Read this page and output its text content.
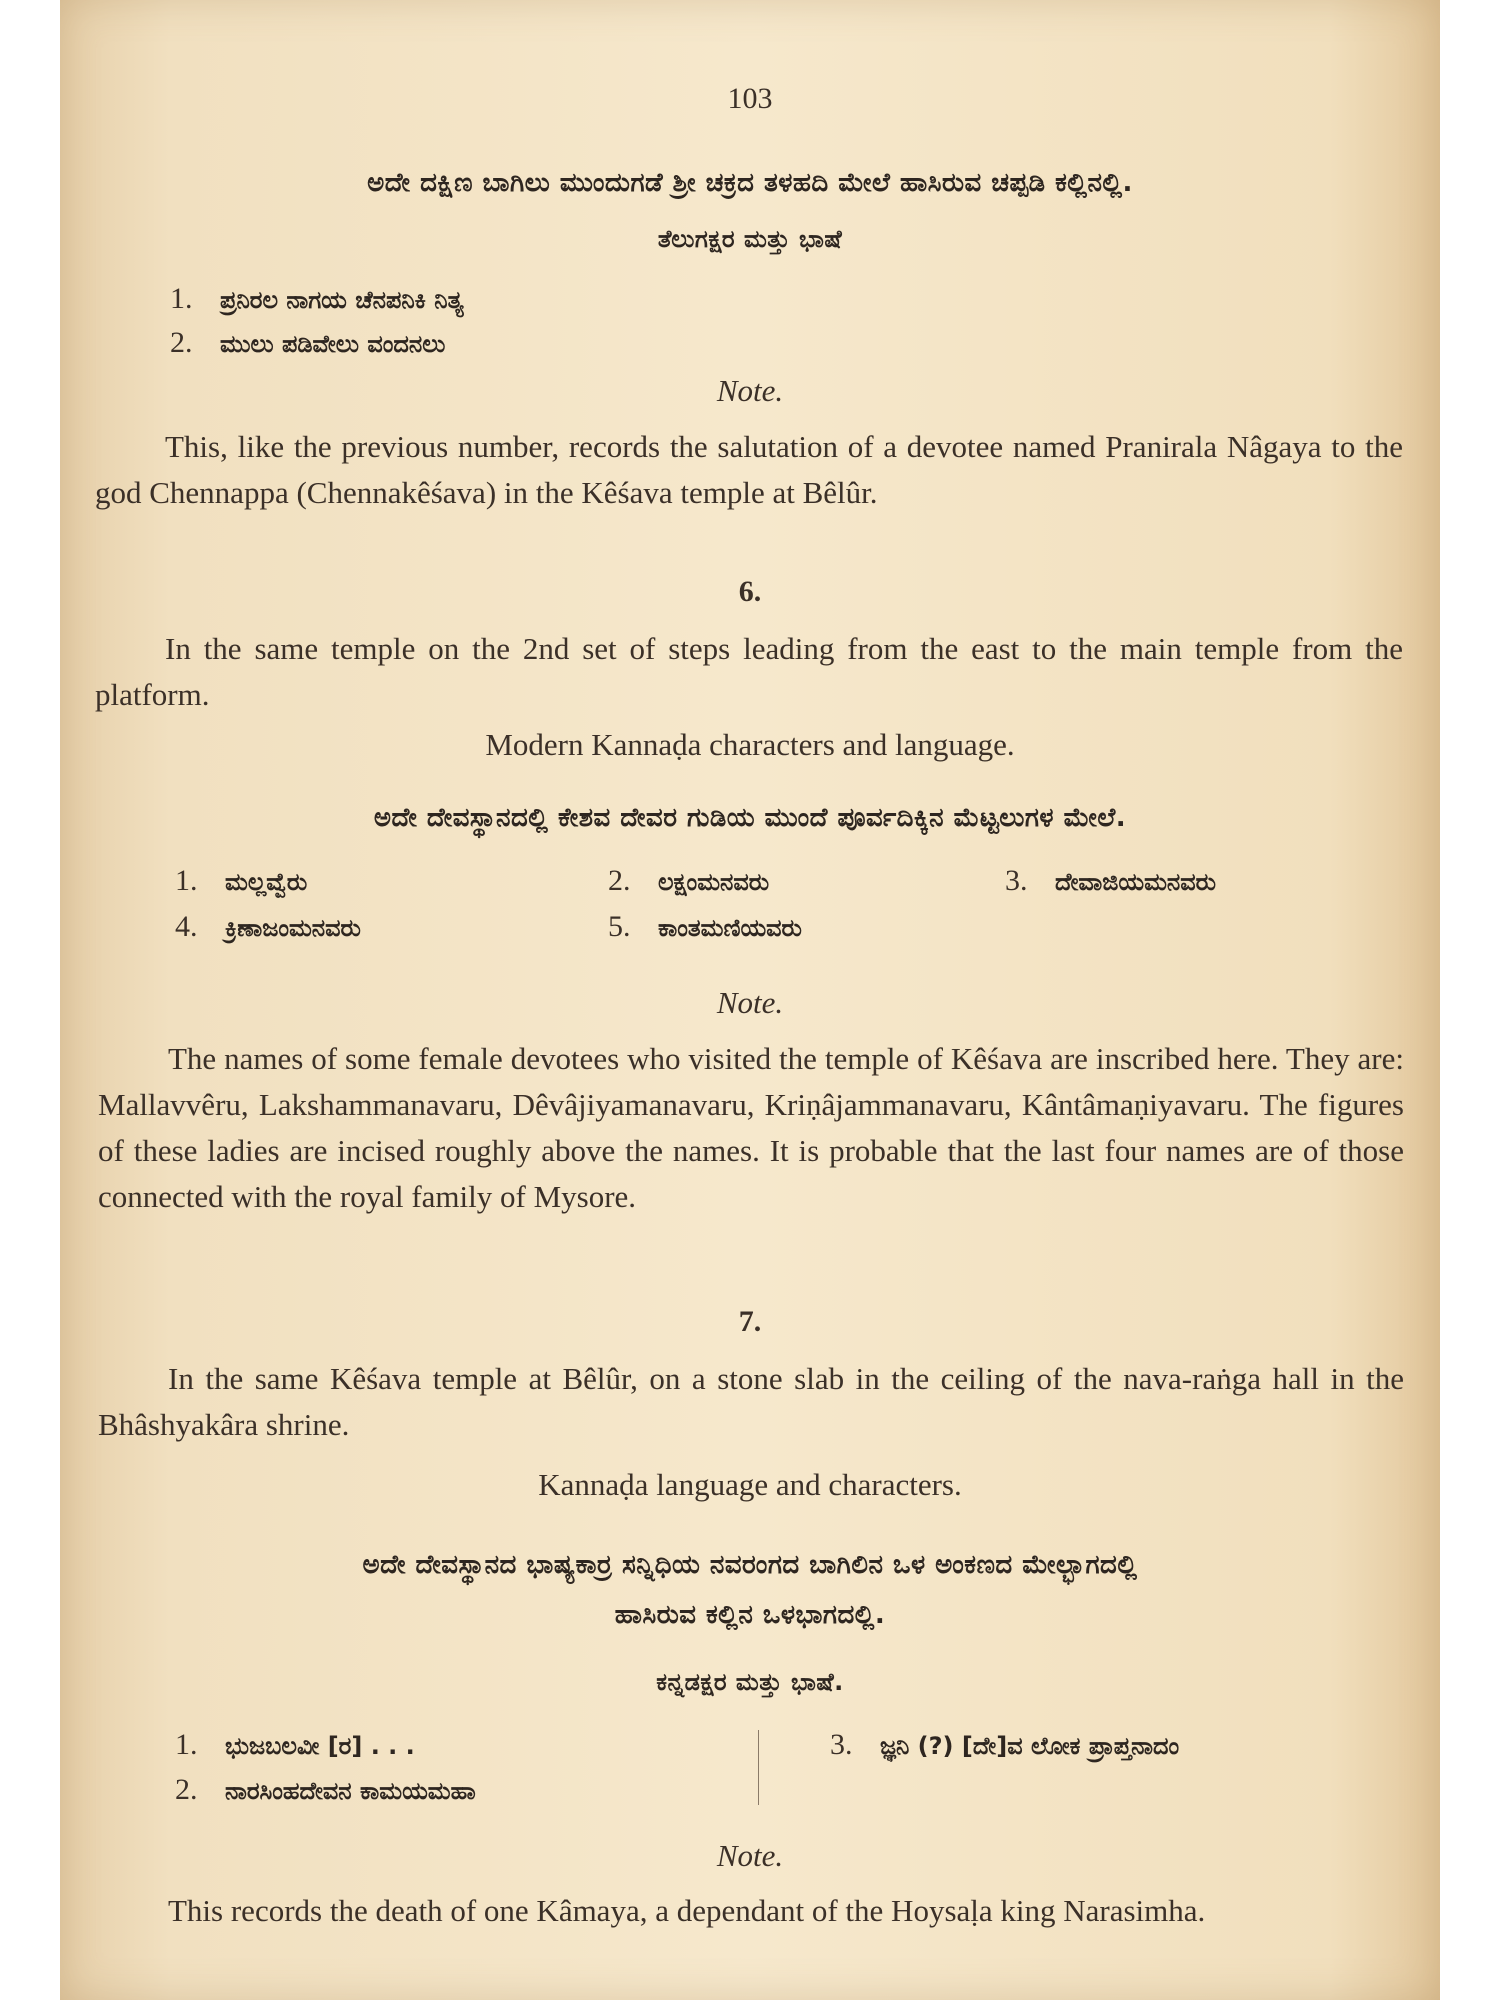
103

ಅದೇ ದಕ್ಷಿಣ ಬಾಗಿಲು ಮುಂದುಗಡೆ ಶ್ರೀ ಚಕ್ರದ ತಳಹದಿ ಮೇಲೆ ಹಾಸಿರುವ ಚಪ್ಪಡಿ ಕಲ್ಲಿನಲ್ಲಿ.

ತೆಲುಗಕ್ಷರ ಮತ್ತು ಭಾಷೆ

1. ಪ್ರನಿರಲ ನಾಗಯ ಚೆನಪನಿಕಿ ನಿತ್ಯ
2. ಮುಲು ಪಡಿವೇಲು ವಂದನಲು

Note.

This, like the previous number, records the salutation of a devotee named Pranirala Nâgaya to the god Chennappa (Chennakêśava) in the Kêśava temple at Bêlûr.

6.

In the same temple on the 2nd set of steps leading from the east to the main temple from the platform.

Modern Kannaḍa characters and language.

ಅದೇ ದೇವಸ್ಥಾನದಲ್ಲಿ ಕೇಶವ ದೇವರ ಗುಡಿಯ ಮುಂದೆ ಪೂರ್ವದಿಕ್ಕಿನ ಮೆಟ್ಟಲುಗಳ ಮೇಲೆ.

1. ಮಲ್ಲವ್ವೆರು	2. ಲಕ್ಷಂಮನವರು	3. ದೇವಾಜಿಯಮನವರು
4. ಕ್ರಿಣಾಜಂಮನವರು	5. ಕಾಂತಮಣಿಯವರು

Note.

The names of some female devotees who visited the temple of Kêśava are inscribed here. They are: Mallavvêru, Lakshammanavaru, Dêvâjiyamanavaru, Kriṇâjammanavaru, Kântâmaṇiyavaru. The figures of these ladies are incised roughly above the names. It is probable that the last four names are of those connected with the royal family of Mysore.

7.

In the same Kêśava temple at Bêlûr, on a stone slab in the ceiling of the nava-raṅga hall in the Bhâshyakâra shrine.

Kannaḍa language and characters.

ಅದೇ ದೇವಸ್ಥಾನದ ಭಾಷ್ಯಕಾರ್‍ರ ಸನ್ನಿಧಿಯ ನವರಂಗದ ಬಾಗಿಲಿನ ಒಳ ಅಂಕಣದ ಮೇಲ್ಭಾಗದಲ್ಲಿ

ಹಾಸಿರುವ ಕಲ್ಲಿನ ಒಳಭಾಗದಲ್ಲಿ.

ಕನ್ನಡಕ್ಷರ ಮತ್ತು ಭಾಷೆ.

1. ಭುಜಬಲವೀ [ರ] . . .
2. ನಾರಸಿಂಹದೇವನ ಕಾಮಯಮಹಾ
3. ಜ್ಞನಿ (?) [ದೇ]ವ ಲೋಕ ಪ್ರಾಪ್ತನಾದಂ

Note.

This records the death of one Kâmaya, a dependant of the Hoysaḷa king Narasimha.
